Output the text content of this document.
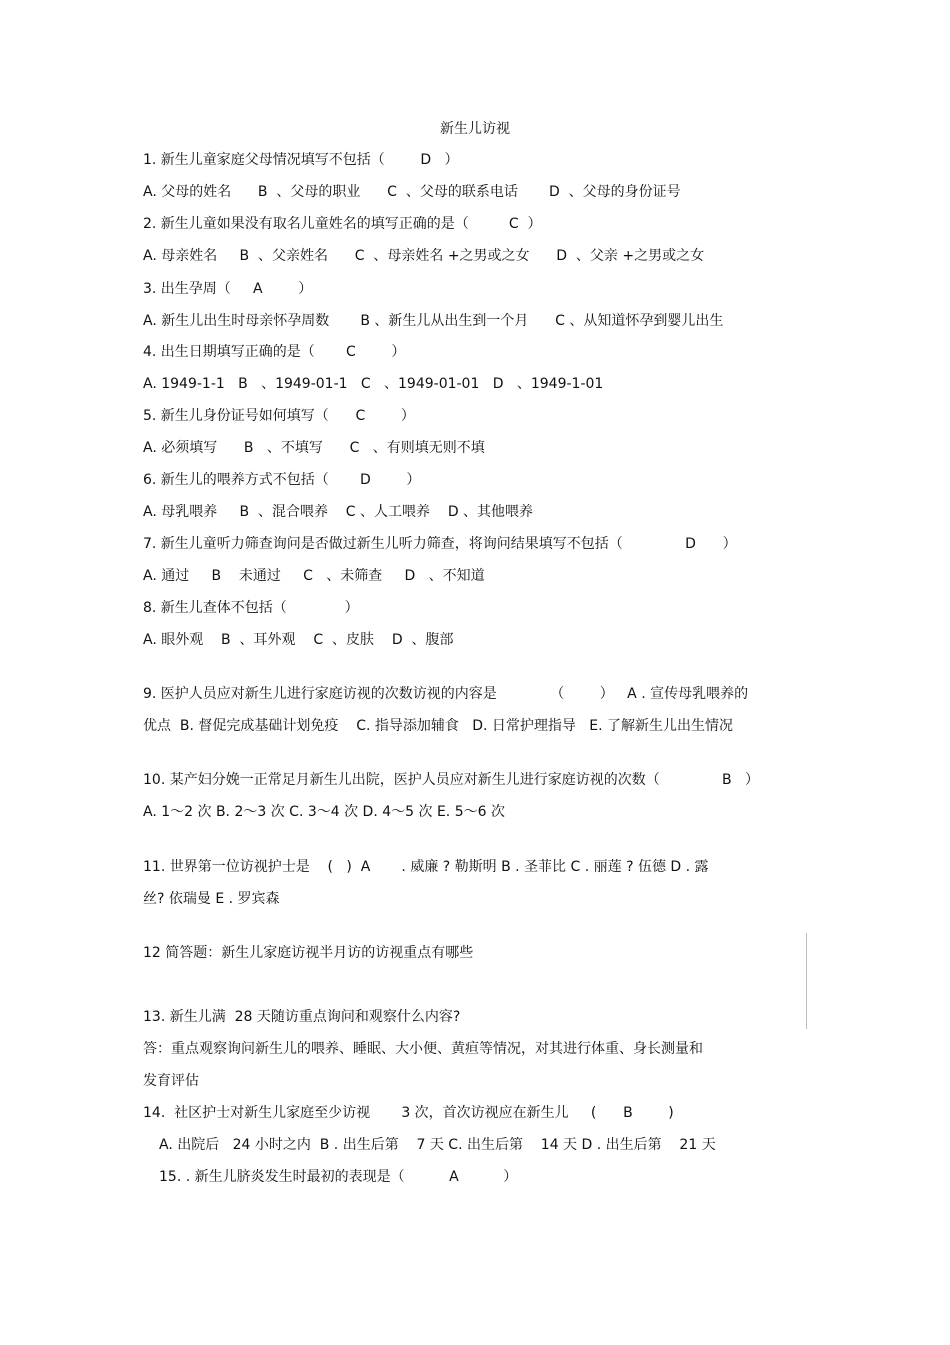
新生儿访视
1. 新生儿童家庭父母情况填写不包括（        D   ）
A. 父母的姓名      B  、父母的职业      C  、父母的联系电话       D  、父母的身份证号
2. 新生儿童如果没有取名儿童姓名的填写正确的是（         C  ）
A. 母亲姓名     B  、父亲姓名      C  、母亲姓名 +之男或之女      D  、父亲 +之男或之女
3. 出生孕周（     A        ）
A. 新生儿出生时母亲怀孕周数       B 、新生儿从出生到一个月      C 、从知道怀孕到婴儿出生
4. 出生日期填写正确的是（       C        ）
A. 1949-1-1   B   、1949-01-1   C   、1949-01-01   D   、1949-1-01
5. 新生儿身份证号如何填写（      C        ）
A. 必须填写      B   、不填写      C   、有则填无则不填
6. 新生儿的喂养方式不包括（       D        ）
A. 母乳喂养     B  、混合喂养    C 、人工喂养    D 、其他喂养
7. 新生儿童听力筛查询问是否做过新生儿听力筛查，将询问结果填写不包括（              D      ）
A. 通过     B    未通过     C   、未筛查     D   、不知道
8. 新生儿查体不包括（             ）
A. 眼外观    B  、耳外观    C  、皮肤    D  、腹部
9. 医护人员应对新生儿进行家庭访视的次数访视的内容是            （        ）   A . 宣传母乳喂养的
优点  B. 督促完成基础计划免疫    C. 指导添加辅食   D. 日常护理指导   E. 了解新生儿出生情况
10. 某产妇分娩一正常足月新生儿出院，医护人员应对新生儿进行家庭访视的次数（              B   ）
A. 1～2 次 B. 2～3 次 C. 3～4 次 D. 4～5 次 E. 5～6 次
11. 世界第一位访视护士是    (   )  A       . 威廉 ? 勒斯明 B . 圣菲比 C . 丽莲 ? 伍德 D . 露
丝? 依瑞曼 E . 罗宾森
12 简答题：新生儿家庭访视半月访的访视重点有哪些
13. 新生儿满  28 天随访重点询问和观察什么内容?
答：重点观察询问新生儿的喂养、睡眠、大小便、黄疸等情况，对其进行体重、身长测量和
发育评估
14.  社区护士对新生儿家庭至少访视       3 次，首次访视应在新生儿     (      B        )
A. 出院后   24 小时之内  B . 出生后第    7 天 C. 出生后第    14 天 D . 出生后第    21 天
15. . 新生儿脐炎发生时最初的表现是（          A          ）
